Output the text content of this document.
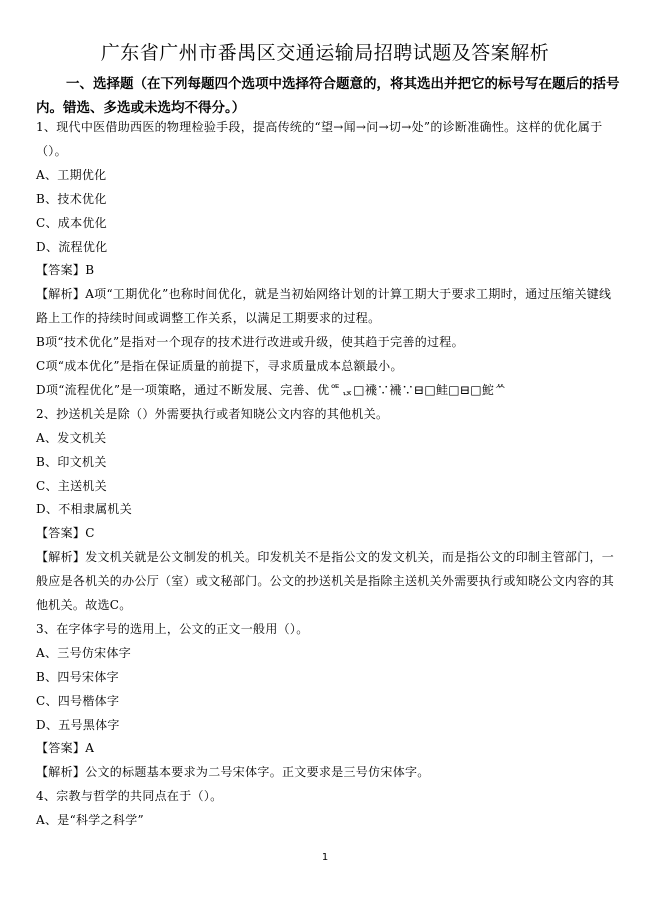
广东省广州市番禺区交通运输局招聘试题及答案解析
一、选择题（在下列每题四个选项中选择符合题意的，将其选出并把它的标号写在题后的括号内。错选、多选或未选均不得分。）
1、现代中医借助西医的物理检验手段，提高传统的“望→闻→问→切→处”的诊断准确性。这样的优化属于
（）。
A、工期优化
B、技术优化
C、成本优化
D、流程优化
【答案】B
【解析】A项“工期优化”也称时间优化，就是当初始网络计划的计算工期大于要求工期时，通过压缩关键线
路上工作的持续时间或调整工作关系，以满足工期要求的过程。
B项“技术优化”是指对一个现存的技术进行改进或升级，使其趋于完善的过程。
C项“成本优化”是指在保证质量的前提下，寻求质量成本总额最小。
D项“流程优化”是一项策略，通过不断发展、完善、优ᅊᆬ□䙍∵䙍∵⊟□鲑□⊟□鮀ᄊ
2、抄送机关是除（）外需要执行或者知晓公文内容的其他机关。
A、发文机关
B、印文机关
C、主送机关
D、不相隶属机关
【答案】C
【解析】发文机关就是公文制发的机关。印发机关不是指公文的发文机关，而是指公文的印制主管部门，一
般应是各机关的办公厅（室）或文秘部门。公文的抄送机关是指除主送机关外需要执行或知晓公文内容的其
他机关。故选C。
3、在字体字号的选用上，公文的正文一般用（）。
A、三号仿宋体字
B、四号宋体字
C、四号楷体字
D、五号黑体字
【答案】A
【解析】公文的标题基本要求为二号宋体字。正文要求是三号仿宋体字。
4、宗教与哲学的共同点在于（）。
A、是“科学之科学”
1
